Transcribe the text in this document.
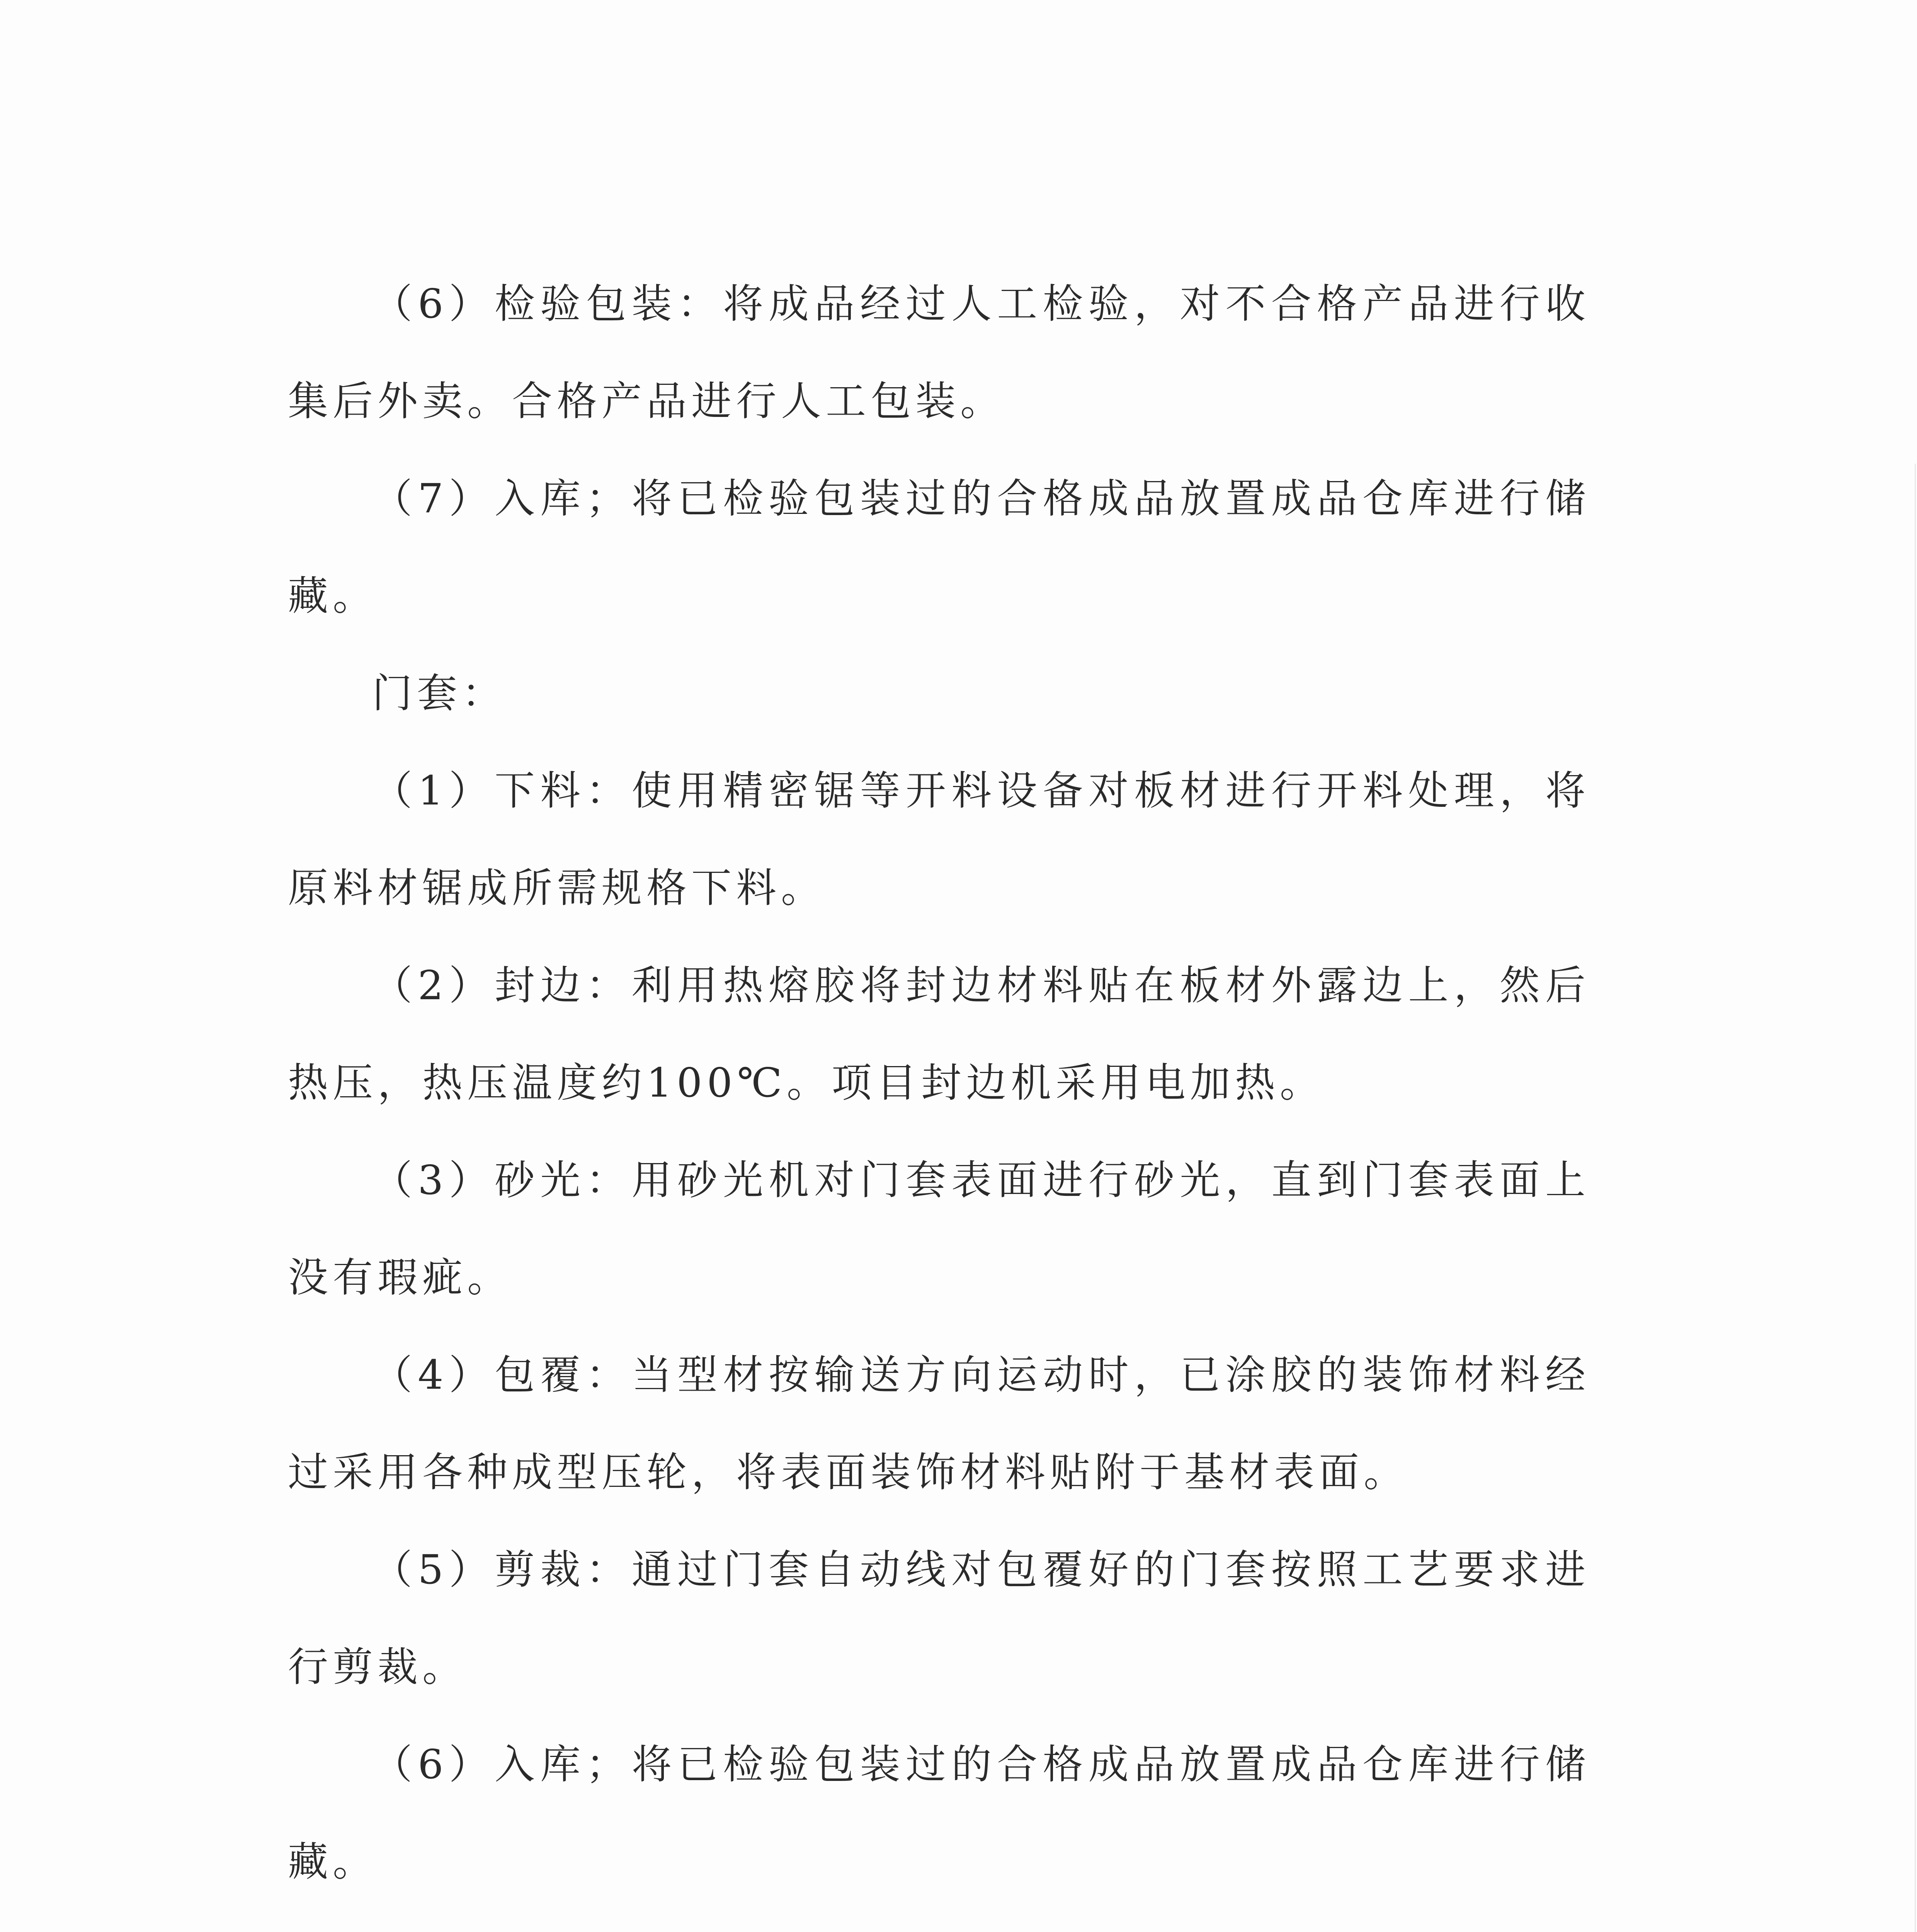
（6）检验包装：将成品经过人工检验，对不合格产品进行收集后外卖。合格产品进行人工包装。

（7）入库；将已检验包装过的合格成品放置成品仓库进行储藏。

门套：

（1）下料：使用精密锯等开料设备对板材进行开料处理，将原料材锯成所需规格下料。

（2）封边：利用热熔胶将封边材料贴在板材外露边上，然后热压，热压温度约100℃。项目封边机采用电加热。

（3）砂光：用砂光机对门套表面进行砂光，直到门套表面上没有瑕疵。

（4）包覆：当型材按输送方向运动时，已涂胶的装饰材料经过采用各种成型压轮，将表面装饰材料贴附于基材表面。

（5）剪裁：通过门套自动线对包覆好的门套按照工艺要求进行剪裁。

（6）入库；将已检验包装过的合格成品放置成品仓库进行储藏。
